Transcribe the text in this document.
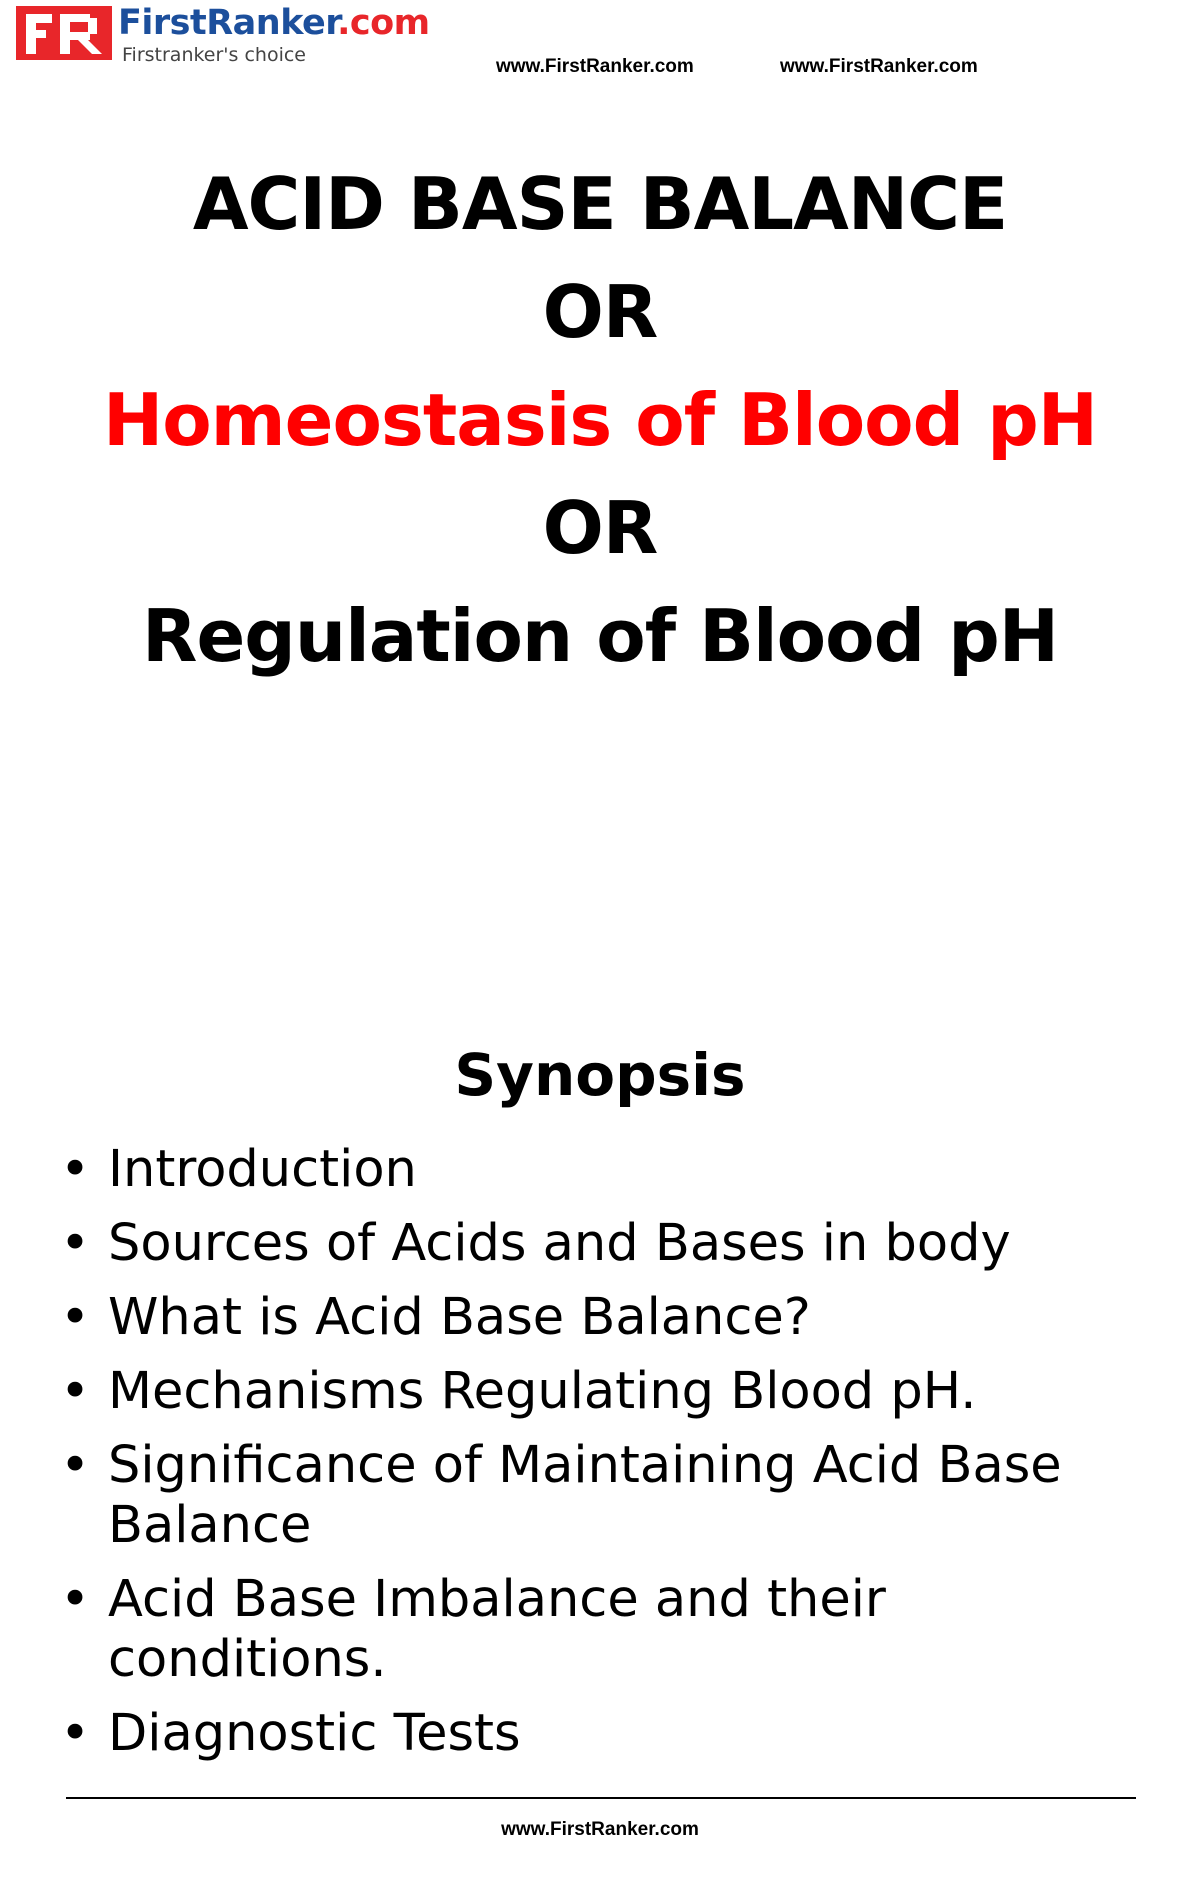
FirstRanker.com
Firstranker's choice
www.FirstRanker.com	www.FirstRanker.com
ACID BASE BALANCE
OR
Homeostasis of Blood pH
OR
Regulation of Blood pH
Synopsis
• Introduction
• Sources of Acids and Bases in body
• What is Acid Base Balance?
• Mechanisms Regulating Blood pH.
• Significance of Maintaining Acid Base Balance
• Acid Base Imbalance and their conditions.
• Diagnostic Tests
www.FirstRanker.com
